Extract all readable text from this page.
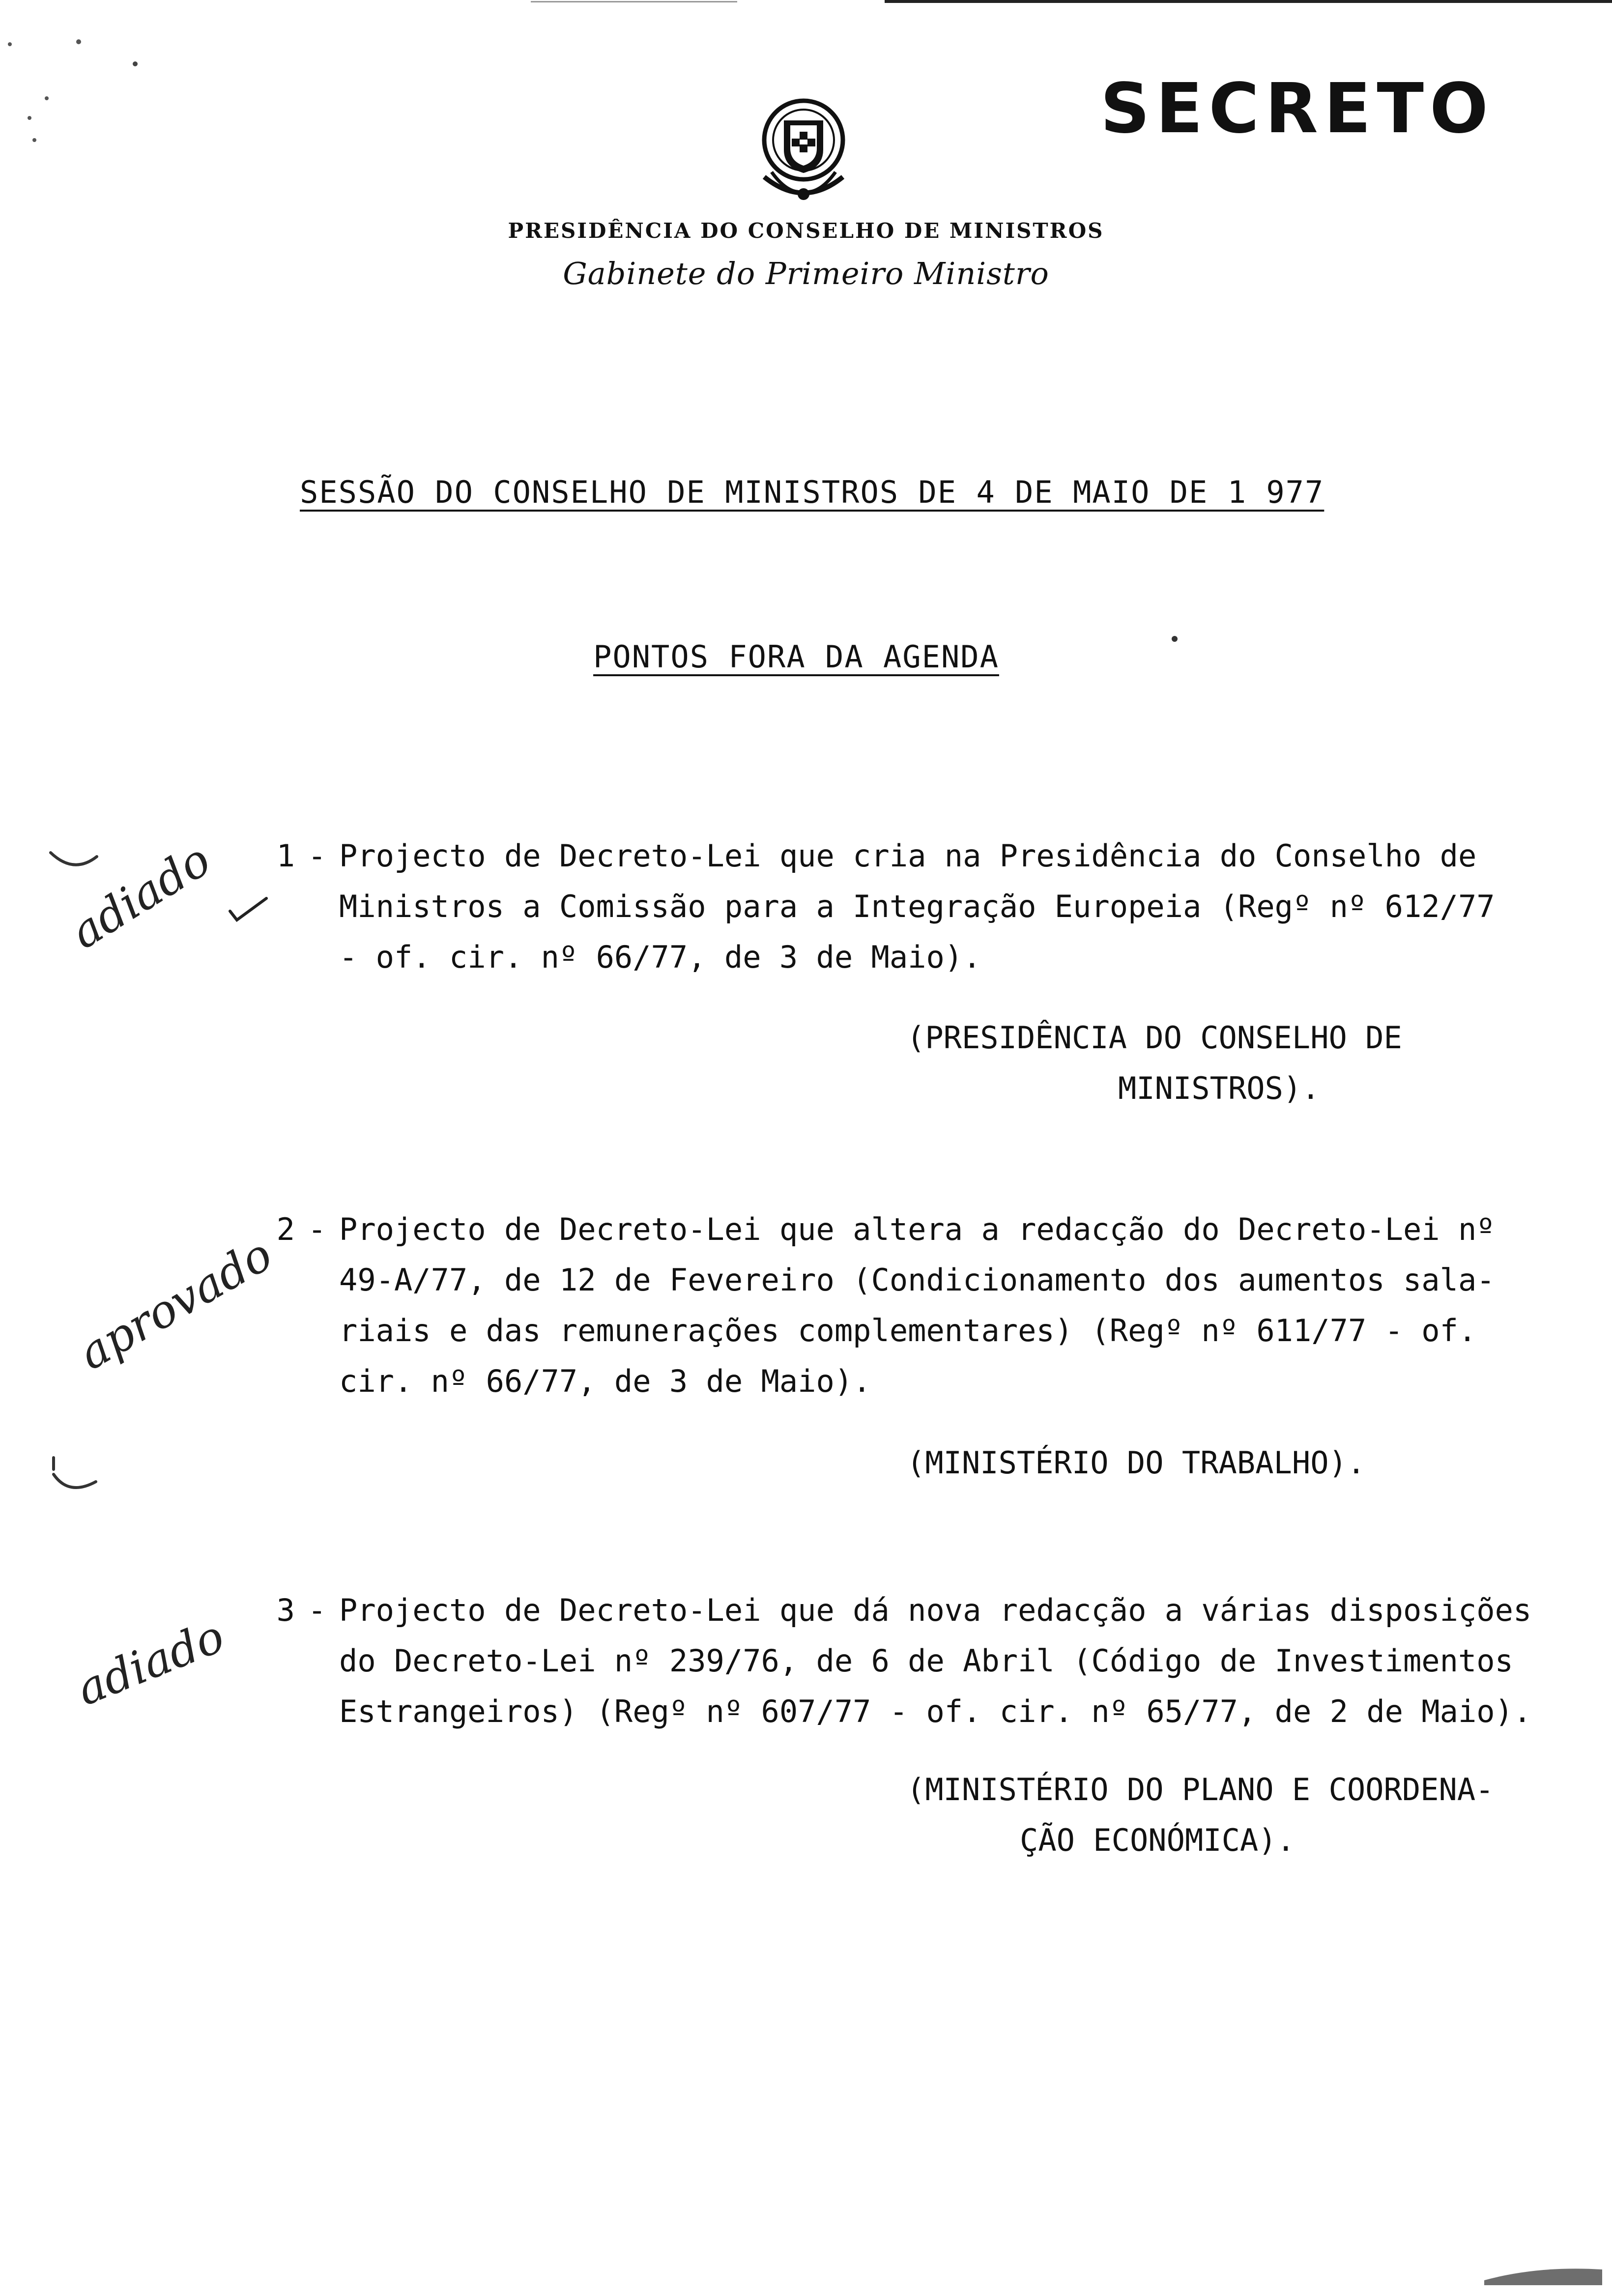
SECRETO
PRESIDÊNCIA DO CONSELHO DE MINISTROS
Gabinete do Primeiro Ministro
SESSÃO DO CONSELHO DE MINISTROS DE 4 DE MAIO DE 1 977
PONTOS FORA DA AGENDA
1 - Projecto de Decreto-Lei que cria na Presidência do Conselho de
Ministros a Comissão para a Integração Europeia (Regº nº 612/77
- of. cir. nº 66/77, de 3 de Maio).
(PRESIDÊNCIA DO CONSELHO DE
MINISTROS).
2 - Projecto de Decreto-Lei que altera a redacção do Decreto-Lei nº
49-A/77, de 12 de Fevereiro (Condicionamento dos aumentos sala-
riais e das remunerações complementares) (Regº nº 611/77 - of.
cir. nº 66/77, de 3 de Maio).
(MINISTÉRIO DO TRABALHO).
3 - Projecto de Decreto-Lei que dá nova redacção a várias disposições
do Decreto-Lei nº 239/76, de 6 de Abril (Código de Investimentos
Estrangeiros) (Regº nº 607/77 - of. cir. nº 65/77, de 2 de Maio).
(MINISTÉRIO DO PLANO E COORDENA-
ÇÃO ECONÓMICA).
adiado
aprovado
adiado
